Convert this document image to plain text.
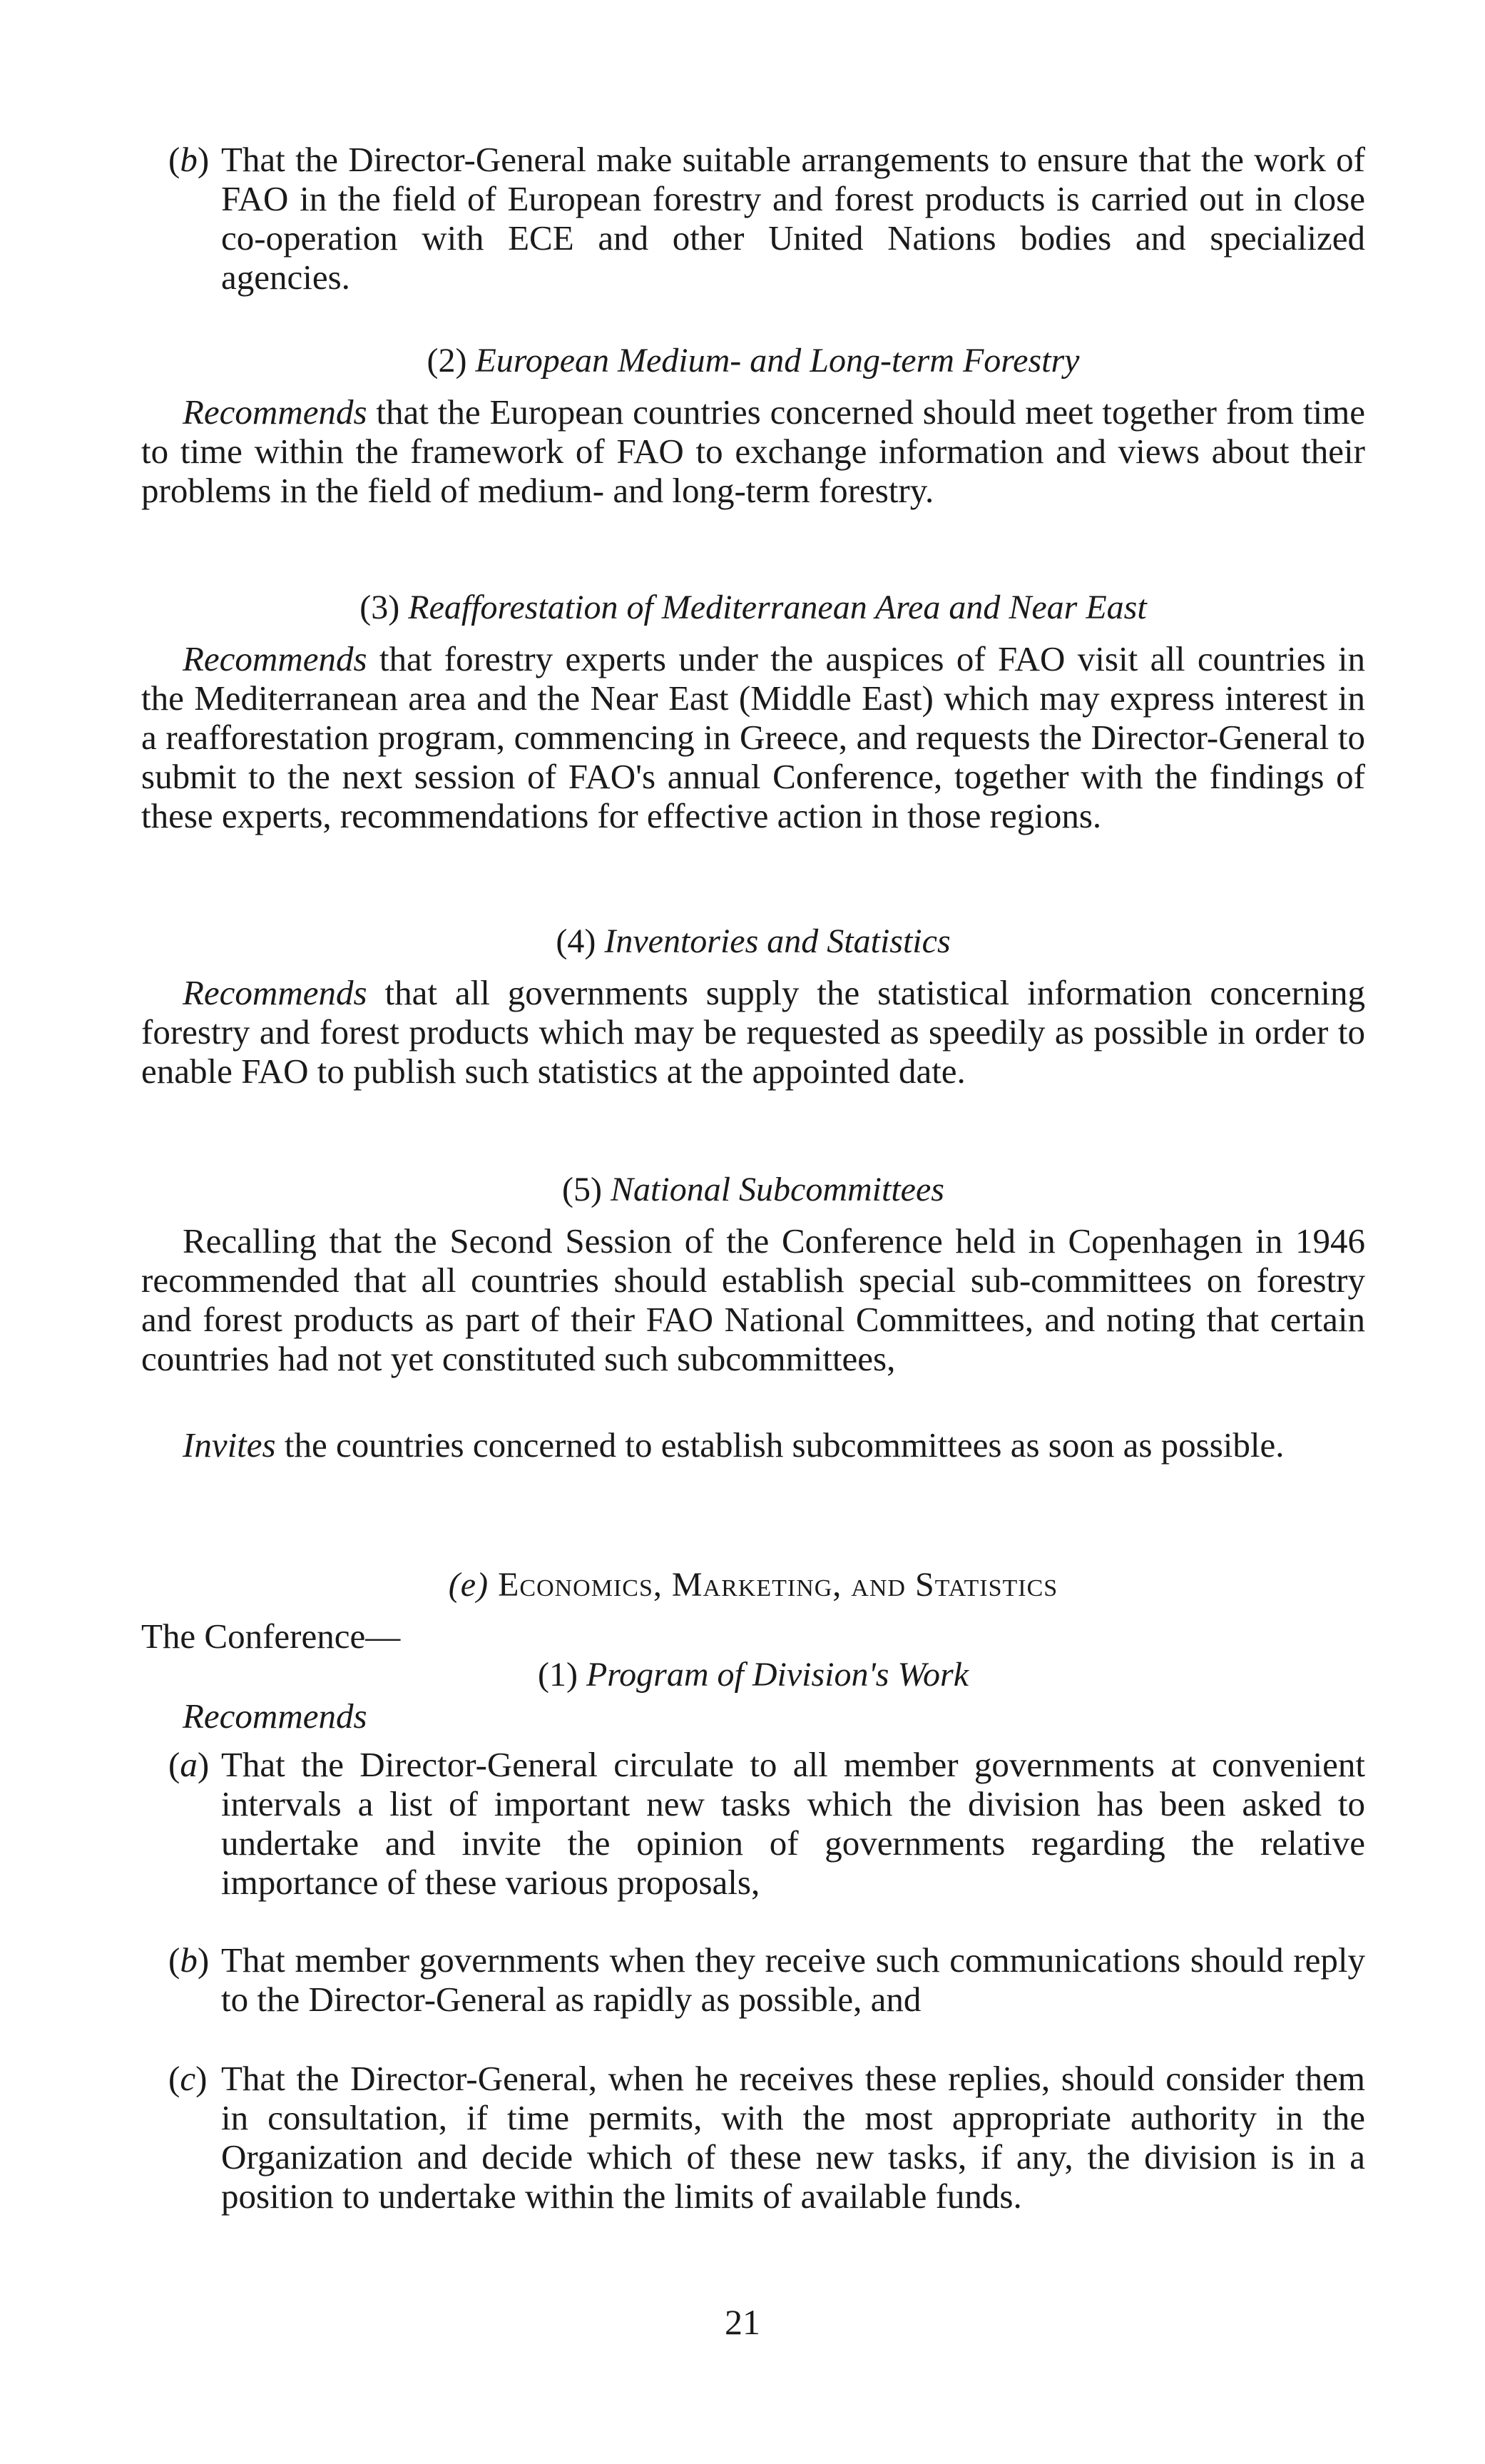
(b) That the Director-General make suitable arrangements to ensure that the work of FAO in the field of European forestry and forest products is carried out in close co-operation with ECE and other United Nations bodies and specialized agencies.
(2) European Medium- and Long-term Forestry
Recommends that the European countries concerned should meet together from time to time within the framework of FAO to exchange information and views about their problems in the field of medium- and long-term forestry.
(3) Reafforestation of Mediterranean Area and Near East
Recommends that forestry experts under the auspices of FAO visit all countries in the Mediterranean area and the Near East (Middle East) which may express interest in a reafforestation program, commencing in Greece, and requests the Director-General to submit to the next session of FAO's annual Conference, together with the findings of these experts, recommendations for effective action in those regions.
(4) Inventories and Statistics
Recommends that all governments supply the statistical information concerning forestry and forest products which may be requested as speedily as possible in order to enable FAO to publish such statistics at the appointed date.
(5) National Subcommittees
Recalling that the Second Session of the Conference held in Copenhagen in 1946 recommended that all countries should establish special sub-committees on forestry and forest products as part of their FAO National Committees, and noting that certain countries had not yet constituted such subcommittees,
Invites the countries concerned to establish subcommittees as soon as possible.
(e) Economics, Marketing, and Statistics
The Conference—
(1) Program of Division's Work
Recommends
(a) That the Director-General circulate to all member governments at convenient intervals a list of important new tasks which the division has been asked to undertake and invite the opinion of governments regarding the relative importance of these various proposals,
(b) That member governments when they receive such communications should reply to the Director-General as rapidly as possible, and
(c) That the Director-General, when he receives these replies, should consider them in consultation, if time permits, with the most appropriate authority in the Organization and decide which of these new tasks, if any, the division is in a position to undertake within the limits of available funds.
21
